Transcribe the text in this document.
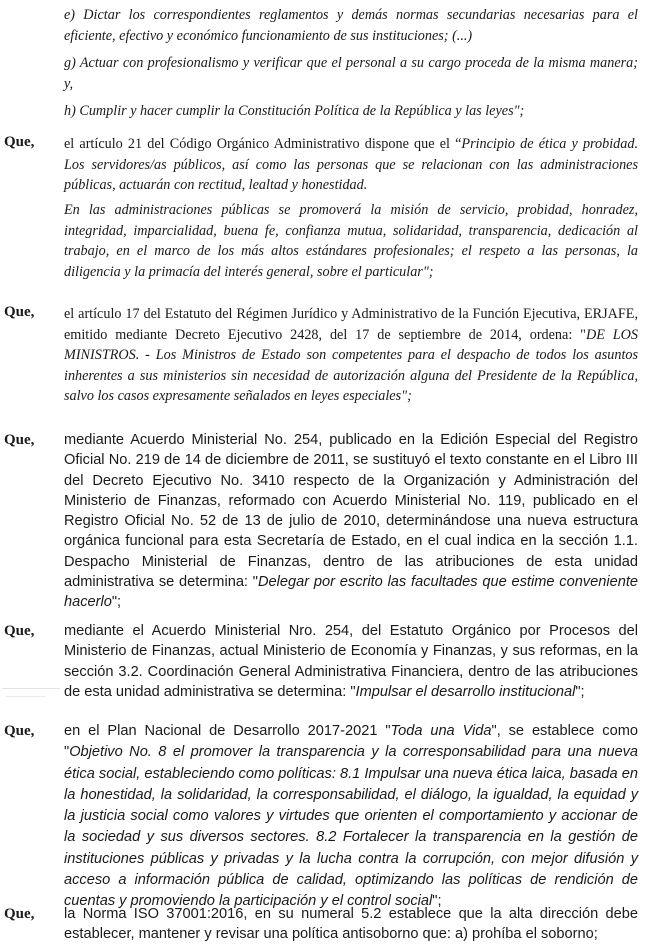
e) Dictar los correspondientes reglamentos y demás normas secundarias necesarias para el eficiente, efectivo y económico funcionamiento de sus instituciones; (...)
g) Actuar con profesionalismo y verificar que el personal a su cargo proceda de la misma manera; y,
h) Cumplir y hacer cumplir la Constitución Política de la República y las leyes";
Que, el artículo 21 del Código Orgánico Administrativo dispone que el “Principio de ética y probidad. Los servidores/as públicos, así como las personas que se relacionan con las administraciones públicas, actuarán con rectitud, lealtad y honestidad.
En las administraciones públicas se promoverá la misión de servicio, probidad, honradez, integridad, imparcialidad, buena fe, confianza mutua, solidaridad, transparencia, dedicación al trabajo, en el marco de los más altos estándares profesionales; el respeto a las personas, la diligencia y la primacía del interés general, sobre el particular";
Que, el artículo 17 del Estatuto del Régimen Jurídico y Administrativo de la Función Ejecutiva, ERJAFE, emitido mediante Decreto Ejecutivo 2428, del 17 de septiembre de 2014, ordena: "DE LOS MINISTROS. - Los Ministros de Estado son competentes para el despacho de todos los asuntos inherentes a sus ministerios sin necesidad de autorización alguna del Presidente de la República, salvo los casos expresamente señalados en leyes especiales";
Que, mediante Acuerdo Ministerial No. 254, publicado en la Edición Especial del Registro Oficial No. 219 de 14 de diciembre de 2011, se sustituyó el texto constante en el Libro III del Decreto Ejecutivo No. 3410 respecto de la Organización y Administración del Ministerio de Finanzas, reformado con Acuerdo Ministerial No. 119, publicado en el Registro Oficial No. 52 de 13 de julio de 2010, determinándose una nueva estructura orgánica funcional para esta Secretaría de Estado, en el cual indica en la sección 1.1. Despacho Ministerial de Finanzas, dentro de las atribuciones de esta unidad administrativa se determina: "Delegar por escrito las facultades que estime conveniente hacerlo";
Que, mediante el Acuerdo Ministerial Nro. 254, del Estatuto Orgánico por Procesos del Ministerio de Finanzas, actual Ministerio de Economía y Finanzas, y sus reformas, en la sección 3.2. Coordinación General Administrativa Financiera, dentro de las atribuciones de esta unidad administrativa se determina: "Impulsar el desarrollo institucional";
Que, en el Plan Nacional de Desarrollo 2017-2021 "Toda una Vida", se establece como "Objetivo No. 8 el promover la transparencia y la corresponsabilidad para una nueva ética social, estableciendo como políticas: 8.1 Impulsar una nueva ética laica, basada en la honestidad, la solidaridad, la corresponsabilidad, el diálogo, la igualdad, la equidad y la justicia social como valores y virtudes que orienten el comportamiento y accionar de la sociedad y sus diversos sectores. 8.2 Fortalecer la transparencia en la gestión de instituciones públicas y privadas y la lucha contra la corrupción, con mejor difusión y acceso a información pública de calidad, optimizando las políticas de rendición de cuentas y promoviendo la participación y el control social";
Que, la Norma ISO 37001:2016, en su numeral 5.2 establece que la alta dirección debe establecer, mantener y revisar una política antisoborno que: a) prohíba el soborno;
